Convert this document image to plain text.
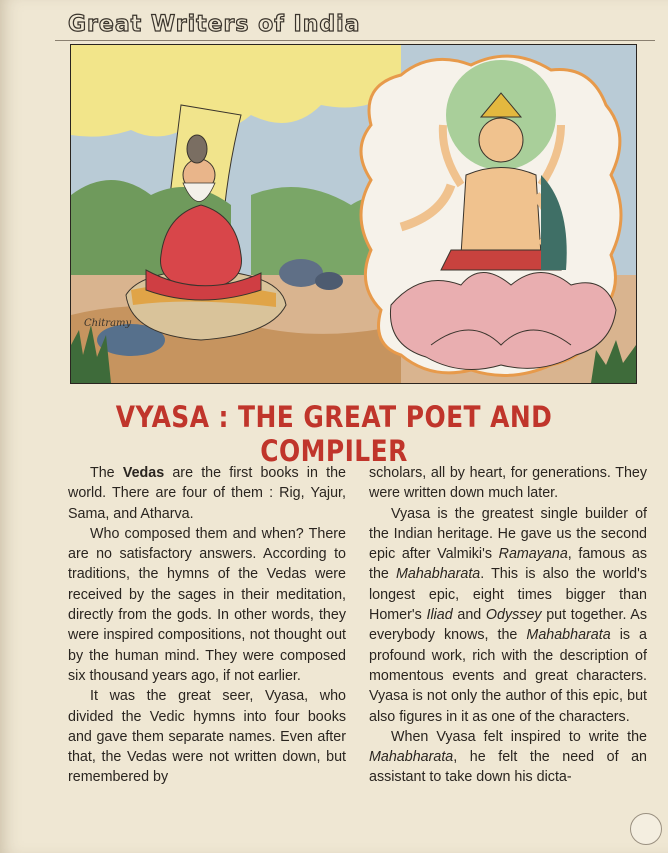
Great Writers of India
Chitramy
VYASA : THE GREAT POET AND COMPILER

The Vedas are the first books in the world. There are four of them : Rig, Yajur, Sama, and Atharva.

Who composed them and when? There are no satisfactory answers. According to traditions, the hymns of the Vedas were received by the sages in their meditation, directly from the gods. In other words, they were inspired compositions, not thought out by the human mind. They were composed six thousand years ago, if not earlier.

It was the great seer, Vyasa, who divided the Vedic hymns into four books and gave them separate names. Even after that, the Vedas were not written down, but remembered by

scholars, all by heart, for generations. They were written down much later.

Vyasa is the greatest single builder of the Indian heritage. He gave us the second epic after Valmiki's Ramayana, famous as the Mahabharata. This is also the world's longest epic, eight times bigger than Homer's Iliad and Odyssey put together. As everybody knows, the Mahabharata is a profound work, rich with the description of momentous events and great characters. Vyasa is not only the author of this epic, but also figures in it as one of the characters.

When Vyasa felt inspired to write the Mahabharata, he felt the need of an assistant to take down his dicta-
